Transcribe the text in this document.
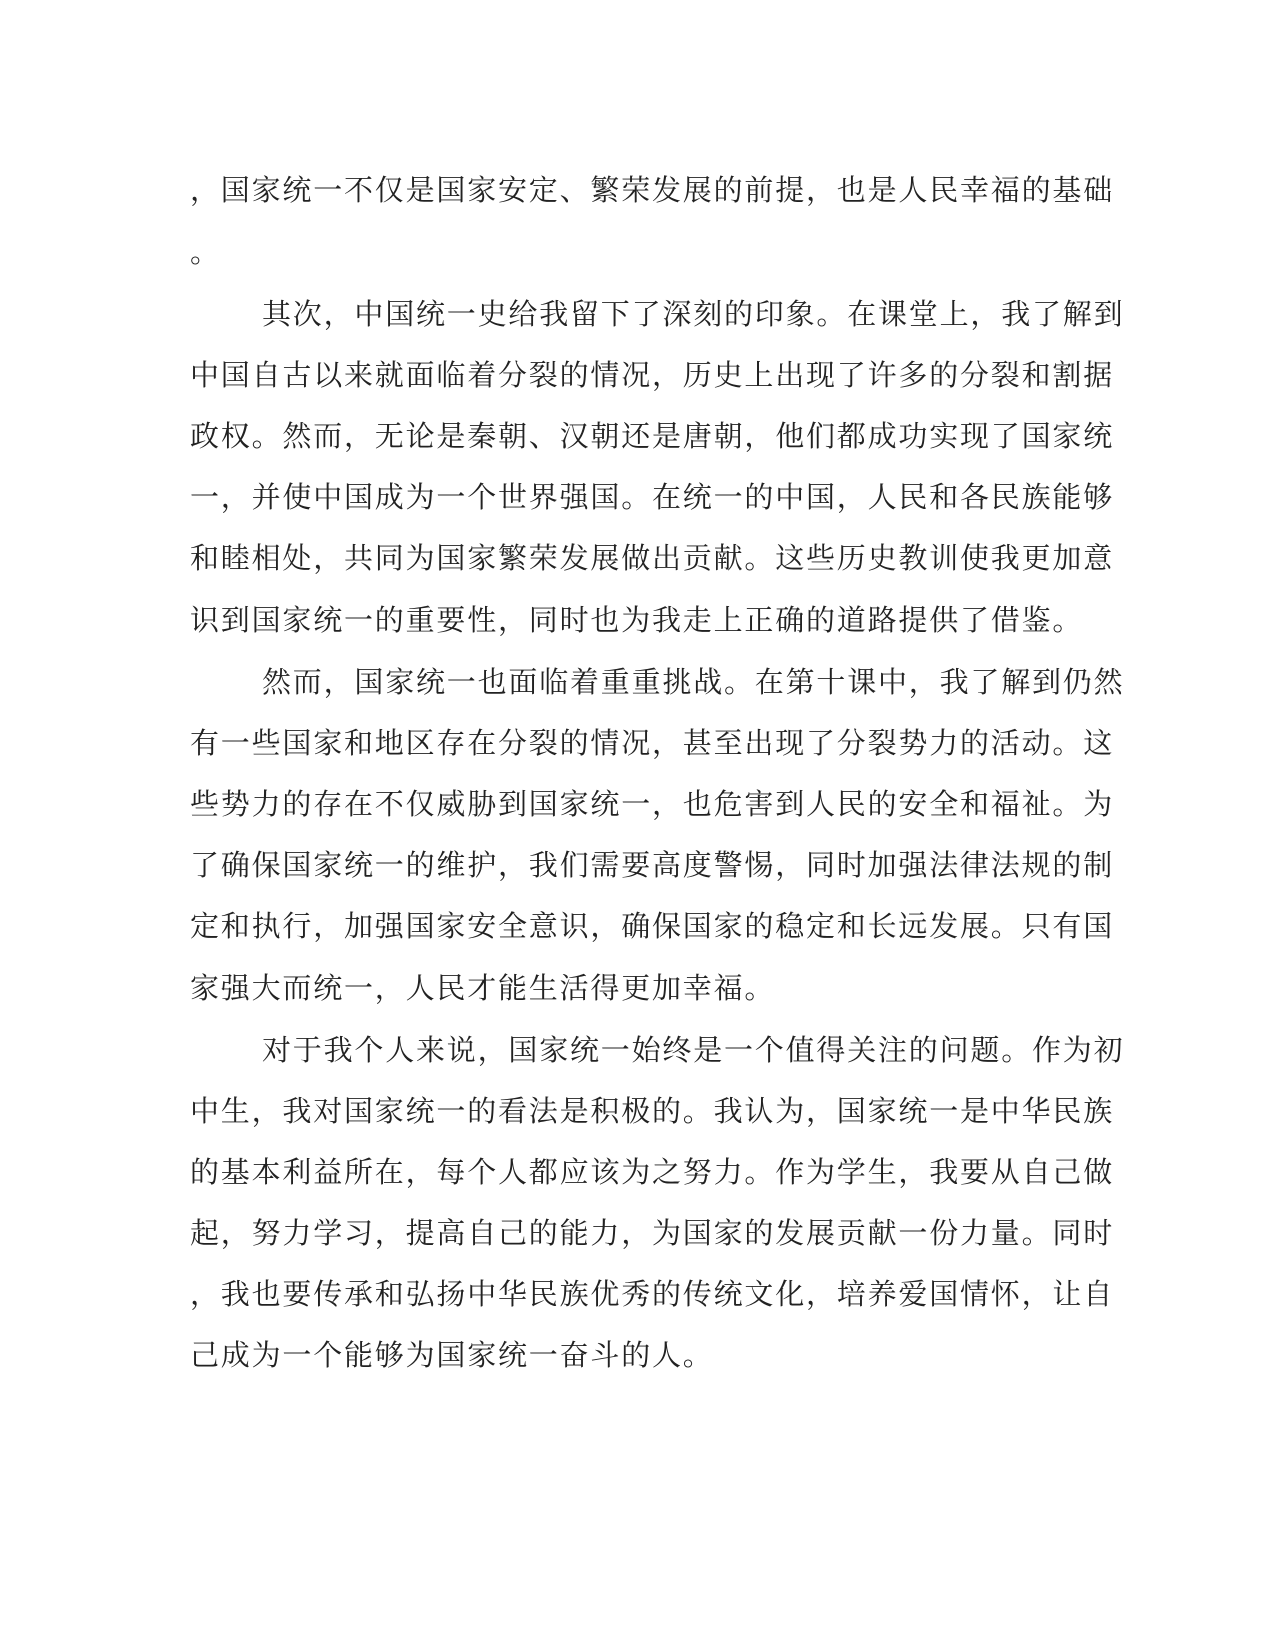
，国家统一不仅是国家安定、繁荣发展的前提，也是人民幸福的基础
。
其次，中国统一史给我留下了深刻的印象。在课堂上，我了解到
中国自古以来就面临着分裂的情况，历史上出现了许多的分裂和割据
政权。然而，无论是秦朝、汉朝还是唐朝，他们都成功实现了国家统
一，并使中国成为一个世界强国。在统一的中国，人民和各民族能够
和睦相处，共同为国家繁荣发展做出贡献。这些历史教训使我更加意
识到国家统一的重要性，同时也为我走上正确的道路提供了借鉴。
然而，国家统一也面临着重重挑战。在第十课中，我了解到仍然
有一些国家和地区存在分裂的情况，甚至出现了分裂势力的活动。这
些势力的存在不仅威胁到国家统一，也危害到人民的安全和福祉。为
了确保国家统一的维护，我们需要高度警惕，同时加强法律法规的制
定和执行，加强国家安全意识，确保国家的稳定和长远发展。只有国
家强大而统一，人民才能生活得更加幸福。
对于我个人来说，国家统一始终是一个值得关注的问题。作为初
中生，我对国家统一的看法是积极的。我认为，国家统一是中华民族
的基本利益所在，每个人都应该为之努力。作为学生，我要从自己做
起，努力学习，提高自己的能力，为国家的发展贡献一份力量。同时
，我也要传承和弘扬中华民族优秀的传统文化，培养爱国情怀，让自
己成为一个能够为国家统一奋斗的人。
